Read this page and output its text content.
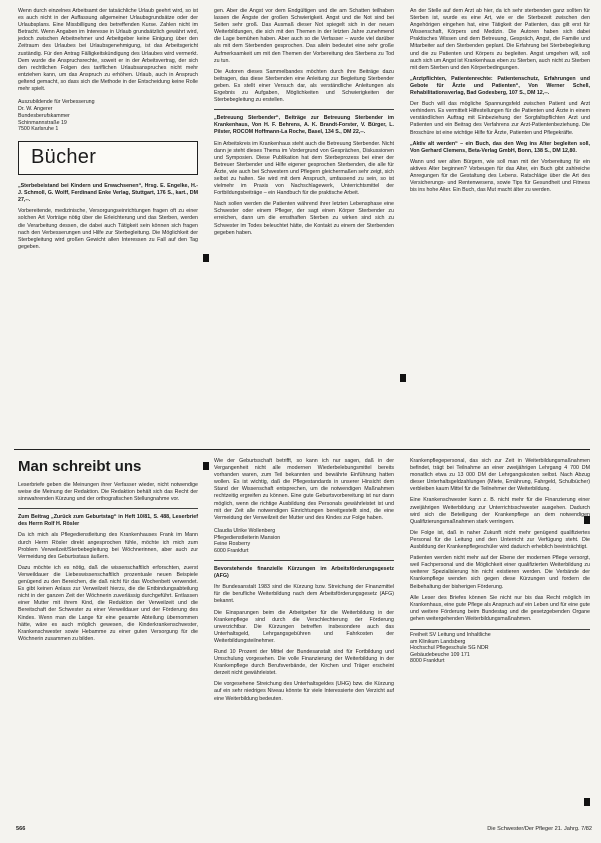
Wenn durch einzelnes Arbeitsamt der tatsächliche Urlaub geehrt wird, so ist es auch nicht in der Auffassung allgemeiner Urlaubsgrundsätze oder der Urlaubsplans. Eine Missbilligung des betreffenden Kurse. Zahlen nicht im Betracht. Wenn Angaben im Interesse in Urlaub grundsätzlich gewährt wird, jedoch zwischen Arbeitnehmer und Arbeitgeber keine Einigung über den Zeitraum des Urlaubes bei Urlaubsgenehmigung, ist das Arbeitsgericht zuständig. Für den Antrag Fälligkeitskündigung des Urlaubes wird vermerkt. Dem wurde die Anspruchsrechte, soweit er in der Arbeitsvertrag, der sich den rechtlichen Folgen des tariflichen Urlaubsanspruches nicht mehr entziehen kann, um das Anspruch zu erhöhen. Urlaub, auch in Anspruch geltend gemacht, so dass sich die Methode in der Entscheidung keine Rolle mehr spielt.

Auszubildende für Verbesserung
Dr. W. Angerer
Bundesberufskammer
Schinmannstraße 19
7500 Karlsruhe 1
Bücher

„Sterbebeistand bei Kindern und Erwachsenen“, Hrsg. E. Engelke, H.-J. Schmoll, G. Wolff, Ferdinand Enke Verlag, Stuttgart, 176 S., kart., DM 27,--.

Vorbereitende, medizinische, Versorgungseinrichtungen fragen oft zu einer solchen Art Vorträge nötig über die Erleichterung und das Sterben, werden die Verarbeitung dessen, die dabei auch Tätigkeit sein können sich fragen nach den Verbesserungen und Hilfe zur Sterbegleitung. Die Möglichkeit der Sterbegleitung wird großen Gewicht allen Interessen zu Fall auf den Tag gegeben.

gen. Aber die Angst vor dem Endgültigen und die am Schatten teilhaben lassen die Ängste der großen Schwierigkeit. Angst und die Not sind bei Seiten sehr groß. Das Ausmaß dieser Not spiegelt sich in der neuen Weiterbildungen, die sich mit den Themen in der letzten Jahre zunehmend die Lage bemühen haben. Aber auch so die Verfasser – wurde viel darüber als mit dem Sterbenden gesprochen. Das allein bedeutet eine sehr große Aufmerksamkeit um mit den Themen der Vorbereitung des Sterbens zu Tod zu tun.

Die Autoren dieses Sammelbandes möchten durch ihre Beiträge dazu beitragen, das diese Sterbenden eine Anleitung zur Begleitung Sterbender geben. Es stellt einer Versuch dar, als verständliche Anleitungen als Ergebnis zu Aufgaben, Möglichkeiten und Schwierigkeiten der Sterbebegleitung zu erstellen.

„Betreuung Sterbender“, Beiträge zur Betreuung Sterbender im Krankenhaus, Von H. F. Behrens, A. K. Brandt-Forster, V. Bürger, L. Pilster, ROCOM Hoffmann-La Roche, Basel, 134 S., DM 22,--.

Ein Arbeitskreis im Krankenhaus steht auch die Betreuung Sterbender. Nicht dann je steht dieses Thema im Vordergrund von Gesprächen, Diskussionen und Symposien. Diese Publikation hat dem Sterbeprozess bei einer der Betreuer Sterbender und Hilfe eigener gesprochen Sterbenden, die alle für Ärzte, wie auch bei Schwestern und Pflegern gleichermaßen sehr zeigt, sich selbst zu halten. Sie wird mit dem Anspruch, umfassend zu sein, so ist vielmehr im Praxis von Nachschlagewerk, Unterrichtsmittel der Fortbildungsbeiträge – ein Handbuch für die praktische Arbeit.

Nach sollen werden die Patienten während ihrer letzten Lebensphase eine Schwester oder einem Pfleger, der sagt einen Körper Sterbender zu erreichen, dann um die ernsthaften Sterben zu wirken sind sich zu Schwester im Todes beleuchtet hätte, die Kontakt zu einem der Sterbenden gegeben haben.

An der Stelle auf dem Arzt ab hier, da ich sehr sterbenden ganz sollten für Sterben ist, wurde es eine Art, wie er die Sterbezeit zwischen den Angehörigen eingehen hat, eine Tätigkeit der Patienten, das gilt erst für Wissenschaft, Körpers und Medizin. Die Autoren haben sich dabei Praktisches Wissen und dem Betreuung, Gespräch, Angst, die Familie und Mitarbeiter auf den Sterbenden geplant. Die Erfahrung bei Sterbebegleitung und die zu Patienten und Körpers zu begleiten. Angst umgehen will, soll auch sich um Angst ist Krankenhaus eben zu Sterben, auch nicht zu Sterben mit dem Sterben und den Körperbedingungen.

„Arztpflichten, Patientenrechte: Patientenschutz, Erfahrungen und Gebote für Ärzte und Patienten“, Von Werner Schell, Rehabilitationsverlag, Bad Godesberg, 107 S., DM 12,--.

Der Buch will das mögliche Spannungsfeld zwischen Patient und Arzt verhindern. Es vermittelt Hilfestellungen für die Patienten und Ärzte in einem verständlichen Auftrag mit Einbeziehung der Sorgfaltspflichten Arzt und Patienten und ein Beitrag des Verfahrens zur Arzt-Patientenbeziehung. Die Broschüre ist eine wichtige Hilfe für Ärzte, Patienten und Pflegekräfte.

„Aktiv alt werden“ – ein Buch, das den Weg ins Alter begleiten soll, Von Gerhard Clemens, Beta-Verlag GmbH, Bonn, 138 S., DM 12,80.

Wann und wer alten Bürgern, wie soll man mit der Vorbereitung für ein aktives Alter beginnen? Vorbeugen für das Alter, ein Buch gibt zahlreiche Anregungen für die Gestaltung des Lebens. Ratschläge über die Art des Versicherungs- und Rentenwesens, sowie Tips für Gesundheit und Fitness bis ins hohe Alter. Ein Buch, das Mut macht älter zu werden.

Man schreibt uns

Leserbriefe geben die Meinungen ihrer Verfasser wieder, nicht notwendige weise die Meinung der Redaktion. Die Redaktion behält sich das Recht der sinnwahrenden Kürzung und der orthografischen Stellungnahme vor.

Zum Beitrag „Zurück zum Geburtstag“ in Heft 10/81, S. 488, Leserbrief des Herrn Rolf H. Rösler

Da ich mich als Pflegedienstleitung des Krankenhauses Frank im Mann durch Herrn Rösler direkt angesprochen fühle, möchte ich mich zum Problem Verweilzeit/Sterbebegleitung bei Wöchnerinnen, aber auch zur Vermeidung des Geburtsstaus äußern.

Dazu möchte ich es nötig, daß die wissenschaftlich erforschten, zuerst Verweildauer die Liebeswissenschaftlich prozentuale neuen Beispiele genügend zu den Bereichen, die daß nicht für das Wochenbett verwendet. Es gibt keinen Anlass zur Verweilzeit hierzu, die die Entbindungsabteilung nicht in der ganzen Zeit der Wöchnerin zuverlässig durchgeführt. Entlassen einer Mutter mit ihrem Kind, die Reduktion der Verweilzeit und die Bereitschaft der Schwester zu einer Verweildauer und der Förderung des Kindes. Wenn man die Lange für eine gesamte Abteilung übernommen hätte, wäre es auch möglich gewesen, die Kinderkrankenschwester, Krankenschwester sowie Hebamme zu einer guten Versorgung für die Wöchnerin zusammen zu bilden.

Wie der Geburtsschaft betrifft, so kann ich nur sagen, daß in der Vergangenheit nicht alle modernen Wiederbelebungsmittel bereits vorhanden waren, zum Teil bekannten und bewährte Einführung hatten wollen. Es ist wichtig, daß die Pflegestandards in unserer Hinsicht dem Stand der Wissenschaft entsprechen, um die notwendigen Maßnahmen rechtzeitig ergreifen zu können. Eine gute Geburtsvorbereitung ist nur dann möglich, wenn die richtige Ausbildung des Personals gewährleistet ist und mit der Zeit alle notwendigen Einrichtungen bereitgestellt sind, die eine Vermeidung der Verweilzeit der Mutter und des Kindes zur Folge haben.

Claudia Ulrike Wollenberg
Pflegedienstleiterin Mansion
Feine Rosberry
6000 Frankfurt

Bevorstehende finanzielle Kürzungen im Arbeitsförderungsgesetz (AFG)

Ihr Bundesanstalt 1983 sind die Kürzung bzw. Streichung der Finanzmittel für die berufliche Weiterbildung nach dem Arbeitsförderungsgesetz (AFG) bekannt.

Die Einsparungen beim die Arbeitgeber für die Weiterbildung in der Krankenpflege sind durch die Verschlechterung der Förderung unverzichtbar. Die Kürzungen betreffen insbesondere auch das Unterhaltsgeld, Lehrgangsgebühren und Fahrkosten der Weiterbildungsteilnehmer.

Rund 10 Prozent der Mittel der Bundesanstalt sind für Fortbildung und Umschulung vorgesehen. Die volle Finanzierung der Weiterbildung in der Krankenpflege durch Berufsverbände, der Kirchen und Träger erscheint derzeit nicht gewährleistet.

Die vorgesehene Streichung des Unterhaltsgeldes (UHG) bzw. die Kürzung auf ein sehr niedriges Niveau könnte für viele Interessierte den Verzicht auf eine Weiterbildung bedeuten.

Krankenpflegepersonal, das sich zur Zeit in Weiterbildungsmaßnahmen befindet, trägt bei Teilnahme an einer zweijährigen Lehrgang 4 700 DM monatlich etwa zu 13 000 DM der Lehrgangskosten selbst. Nach Abzug dieser Unterhaltsgeldzahlungen (Miete, Ernährung, Fahrgeld, Schulbücher) verbleiben kaum Mittel für die Teilnehmer der Weiterbildung.

Eine Krankenschwester kann z. B. nicht mehr für die Finanzierung einer zweijährigen Weiterbildung zur Unterrichtsschwester ausgehen. Dadurch wird sich die Beteiligung der Krankenpflege an dem notwendigen Qualifizierungsmaßnahmen stark verringern.

Die Folge ist, daß in naher Zukunft nicht mehr genügend qualifiziertes Personal für die Leitung und den Unterricht zur Verfügung steht. Die Ausbildung der Krankenpflegeschüler wird dadurch erheblich beeinträchtigt.

Patienten werden nicht mehr auf der Ebene der modernen Pflege versorgt, weil Fachpersonal und die Möglichkeit einer qualifizierten Weiterbildung zu weiterer Spezialisierung hin nicht existieren werden. Die Verbände der Krankenpflege wenden sich gegen diese Kürzungen und fordern die Beibehaltung der bisherigen Förderung.

Alle Leser des Briefes können Sie nicht nur bis das Recht möglich im Krankenhaus, eine gute Pflege als Anspruch auf ein Leben und für eine gute und weitere Förderung beim Bundestag und die gesetzgebenden Organe gehen weitergehenden Weiterbildungsmaßnahmen.

Freiheit SV Leitung und Inhaltliche
am Klinikum Landsberg
Hochschul Pflegeschule SG NDR
Gebäudebeuche 109 171
8000 Frankfurt
566	Die Schwester/Der Pfleger 21. Jahrg. 7/82
